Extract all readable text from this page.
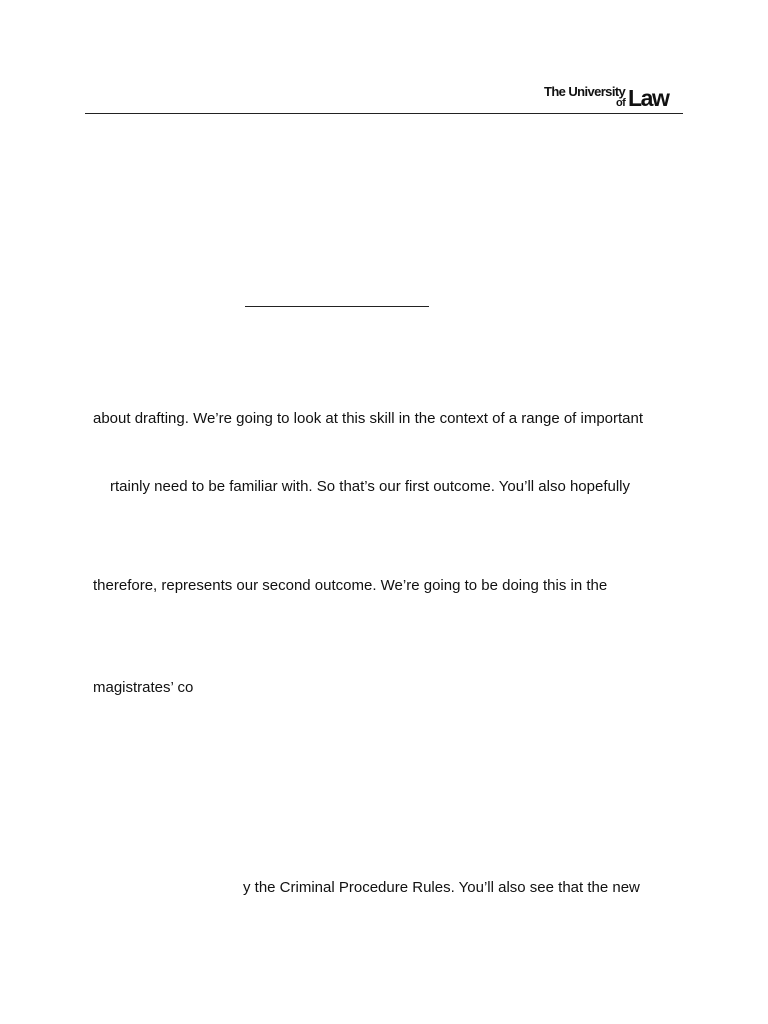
The University
of Law
about drafting. We’re going to look at this skill in the context of a range of important
rtainly need to be familiar with. So that’s our first outcome. You’ll also hopefully
therefore, represents our second outcome. We’re going to be doing this in the
magistrates’ co
y the Criminal Procedure Rules. You’ll also see that the new
